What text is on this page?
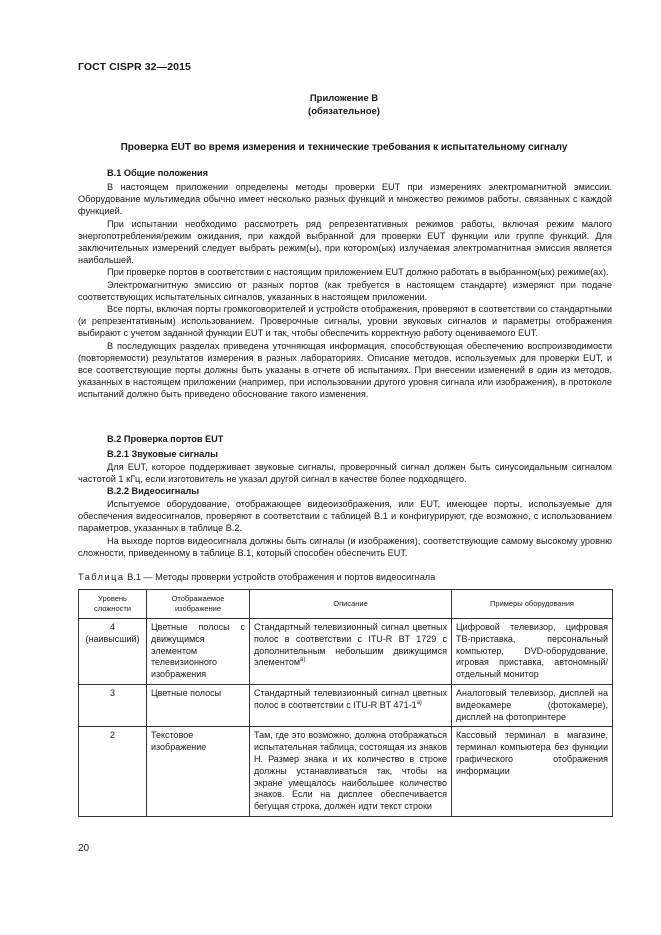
ГОСТ CISPR 32—2015
Приложение B
(обязательное)
Проверка EUT во время измерения и технические требования к испытательному сигналу
B.1 Общие положения

В настоящем приложении определены методы проверки EUT при измерениях электромагнитной эмиссии. Оборудование мультимедиа обычно имеет несколько разных функций и множество режимов работы, связанных с каждой функцией.

При испытании необходимо рассмотреть ряд репрезентативных режимов работы, включая режим малого энергопотребления/режим ожидания, при каждой выбранной для проверки EUT функции или группе функций. Для заключительных измерений следует выбрать режим(ы), при котором(ых) излучаемая электромагнитная эмиссия является наибольшей.

При проверке портов в соответствии с настоящим приложением EUT должно работать в выбранном(ых) режиме(ах).

Электромагнитную эмиссию от разных портов (как требуется в настоящем стандарте) измеряют при подаче соответствующих испытательных сигналов, указанных в настоящем приложении.

Все порты, включая порты громкоговорителей и устройств отображения, проверяют в соответствии со стандартными (и репрезентативным) использованием. Проверочные сигналы, уровни звуковых сигналов и параметры отображения выбирают с учетом заданной функции EUT и так, чтобы обеспечить корректную работу оцениваемого EUT.

В последующих разделах приведена уточняющая информация, способствующая обеспечению воспроизводимости (повторяемости) результатов измерения в разных лабораториях. Описание методов, используемых для проверки EUT, и все соответствующие порты должны быть указаны в отчете об испытаниях. При внесении изменений в один из методов, указанных в настоящем приложении (например, при использовании другого уровня сигнала или изображения), в протоколе испытаний должно быть приведено обоснование такого изменения.

B.2 Проверка портов EUT
B.2.1 Звуковые сигналы

Для EUT, которое поддерживает звуковые сигналы, проверочный сигнал должен быть синусоидальным сигналом частотой 1 кГц, если изготовитель не указал другой сигнал в качестве более подходящего.

B.2.2 Видеосигналы

Испытуемое оборудование, отображающее видеоизображения, или EUT, имеющее порты, используемые для обеспечения видеосигналов, проверяют в соответствии с таблицей B.1 и конфигурируют, где возможно, с использованием параметров, указанных в таблице B.2.

На выходе портов видеосигнала должны быть сигналы (и изображения), соответствующие самому высокому уровню сложности, приведенному в таблице B.1, который способен обеспечить EUT.

Таблица B.1 — Методы проверки устройств отображения и портов видеосигнала
Уровень сложности	Отображаемое изображение	Описание	Примеры оборудования

4
(наивысший)	Цветные полосы с движущимся элементом телевизионного изображения	Стандартный телевизионный сигнал цветных полос в соответствии с ITU-R BT 1729 с дополнительным небольшим движущимся элементом$^{a)}$	Цифровой телевизор, цифровая ТВ-приставка, персональный компьютер, DVD-оборудование, игровая приставка, автономный/отдельный монитор

3	Цветные полосы	Стандартный телевизионный сигнал цветных полос в соответствии с ITU-R BT 471-1$^{a)}$	Аналоговый телевизор, дисплей на видеокамере (фотокамере), дисплей на фотопринтере

2	Текстовое изображение	Там, где это возможно, должна отображаться испытательная таблица, состоящая из знаков H. Размер знака и их количество в строке должны устанавливаться так, чтобы на экране умещалось наибольшее количество знаков. Если на дисплее обеспечивается бегущая строка, должен идти текст строки	Кассовый терминал в магазине, терминал компьютера без функции графического отображения информации
20
